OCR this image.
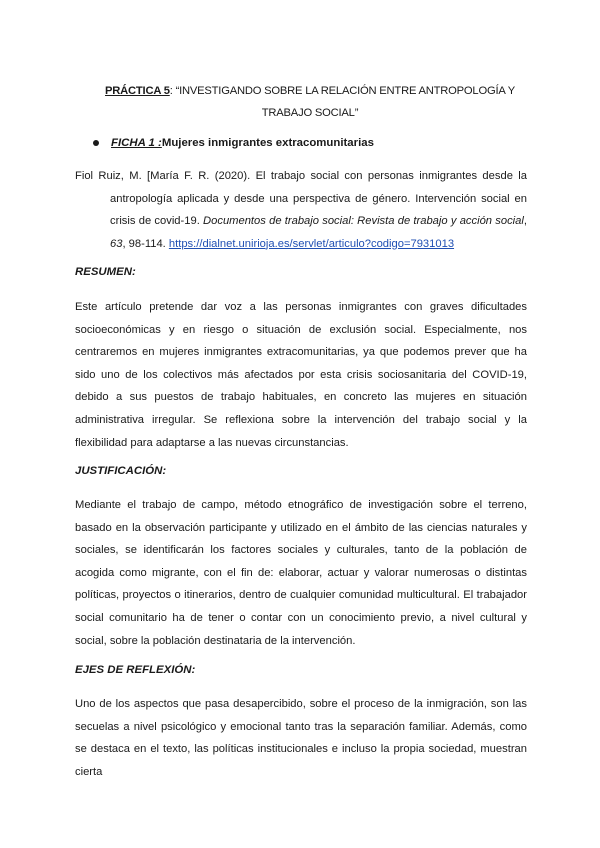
PRÁCTICA 5: “INVESTIGANDO SOBRE LA RELACIÓN ENTRE ANTROPOLOGÍA Y TRABAJO SOCIAL”
FICHA 1 : Mujeres inmigrantes extracomunitarias
Fiol Ruiz, M. [María F. R. (2020). El trabajo social con personas inmigrantes desde la antropología aplicada y desde una perspectiva de género. Intervención social en crisis de covid-19. Documentos de trabajo social: Revista de trabajo y acción social, 63, 98-114. https://dialnet.unirioja.es/servlet/articulo?codigo=7931013
RESUMEN:

Este artículo pretende dar voz a las personas inmigrantes con graves dificultades socioeconómicas y en riesgo o situación de exclusión social. Especialmente, nos centraremos en mujeres inmigrantes extracomunitarias, ya que podemos prever que ha sido uno de los colectivos más afectados por esta crisis sociosanitaria del COVID-19, debido a sus puestos de trabajo habituales, en concreto las mujeres en situación administrativa irregular. Se reflexiona sobre la intervención del trabajo social y la flexibilidad para adaptarse a las nuevas circunstancias.

JUSTIFICACIÓN:

Mediante el trabajo de campo, método etnográfico de investigación sobre el terreno, basado en la observación participante y utilizado en el ámbito de las ciencias naturales y sociales, se identificarán los factores sociales y culturales, tanto de la población de acogida como migrante, con el fin de: elaborar, actuar y valorar numerosas o distintas políticas, proyectos o itinerarios, dentro de cualquier comunidad multicultural. El trabajador social comunitario ha de tener o contar con un conocimiento previo, a nivel cultural y social, sobre la población destinataria de la intervención.

EJES DE REFLEXIÓN:

Uno de los aspectos que pasa desapercibido, sobre el proceso de la inmigración, son las secuelas a nivel psicológico y emocional tanto tras la separación familiar. Además, como se destaca en el texto, las políticas institucionales e incluso la propia sociedad, muestran cierta
